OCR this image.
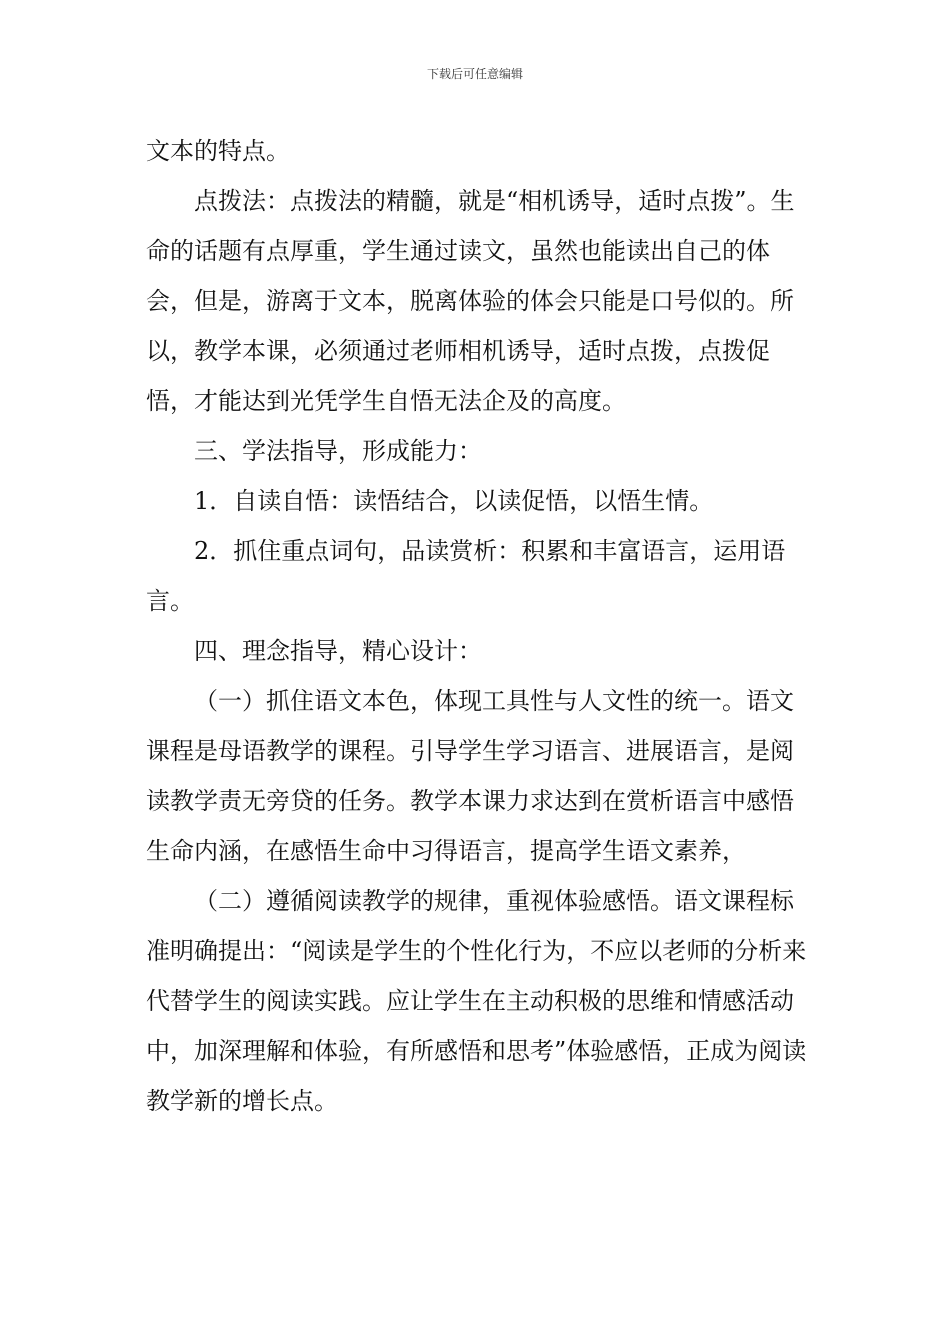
下载后可任意编辑

文本的特点。

点拨法：点拨法的精髓，就是“相机诱导，适时点拨”。生命的话题有点厚重，学生通过读文，虽然也能读出自己的体会，但是，游离于文本，脱离体验的体会只能是口号似的。所以，教学本课，必须通过老师相机诱导，适时点拨，点拨促悟，才能达到光凭学生自悟无法企及的高度。

三、学法指导，形成能力：

1．自读自悟：读悟结合，以读促悟，以悟生情。

2．抓住重点词句，品读赏析：积累和丰富语言，运用语言。

四、理念指导，精心设计：

（一）抓住语文本色，体现工具性与人文性的统一。语文课程是母语教学的课程。引导学生学习语言、进展语言，是阅读教学责无旁贷的任务。教学本课力求达到在赏析语言中感悟生命内涵，在感悟生命中习得语言，提高学生语文素养，

（二）遵循阅读教学的规律，重视体验感悟。语文课程标准明确提出：“阅读是学生的个性化行为，不应以老师的分析来代替学生的阅读实践。应让学生在主动积极的思维和情感活动中，加深理解和体验，有所感悟和思考”体验感悟，正成为阅读教学新的增长点。
